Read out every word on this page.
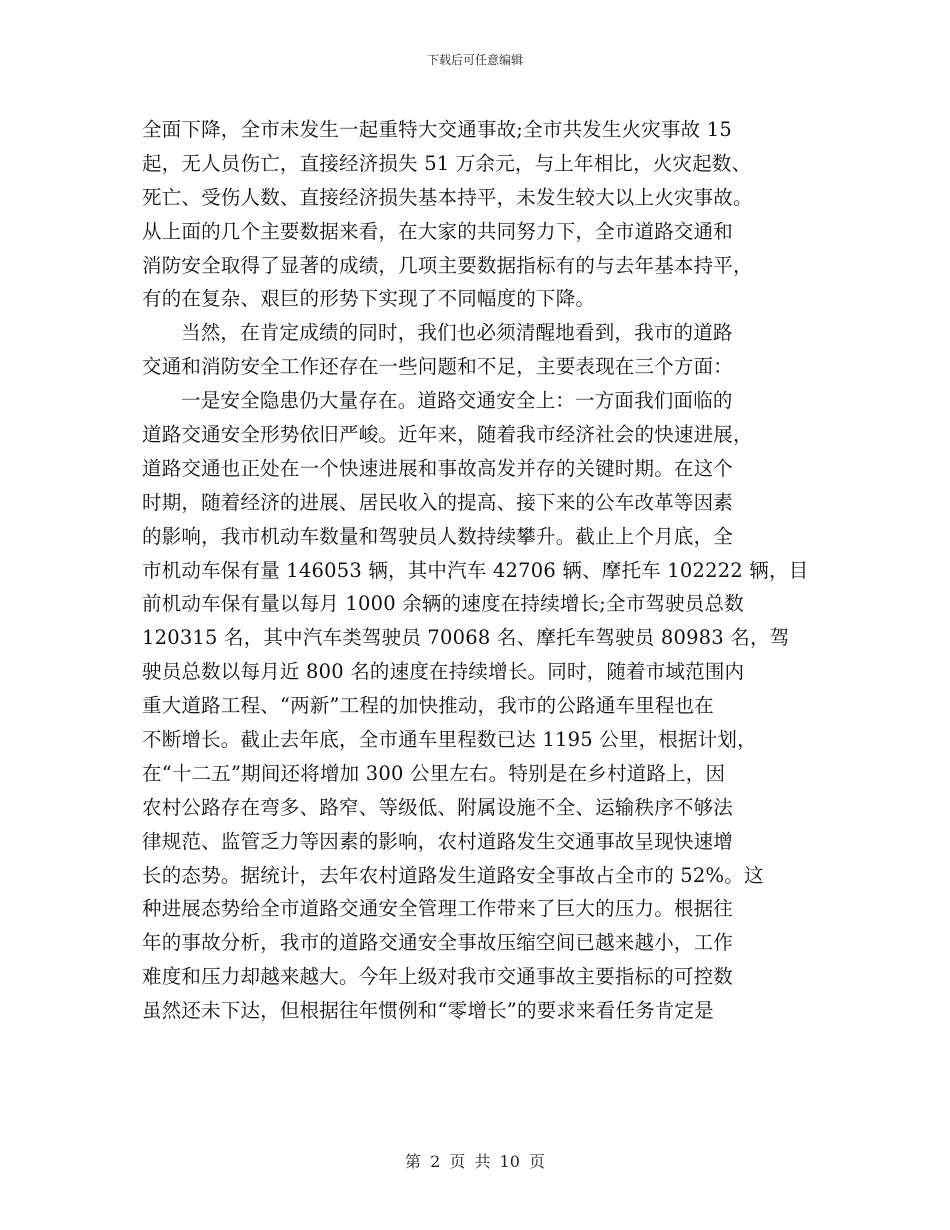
下载后可任意编辑
全面下降，全市未发生一起重特大交通事故;全市共发生火灾事故 15
起，无人员伤亡，直接经济损失 51 万余元，与上年相比，火灾起数、
死亡、受伤人数、直接经济损失基本持平，未发生较大以上火灾事故。
从上面的几个主要数据来看，在大家的共同努力下，全市道路交通和
消防安全取得了显著的成绩，几项主要数据指标有的与去年基本持平，
有的在复杂、艰巨的形势下实现了不同幅度的下降。
当然，在肯定成绩的同时，我们也必须清醒地看到，我市的道路
交通和消防安全工作还存在一些问题和不足，主要表现在三个方面：
一是安全隐患仍大量存在。道路交通安全上：一方面我们面临的
道路交通安全形势依旧严峻。近年来，随着我市经济社会的快速进展，
道路交通也正处在一个快速进展和事故高发并存的关键时期。在这个
时期，随着经济的进展、居民收入的提高、接下来的公车改革等因素
的影响，我市机动车数量和驾驶员人数持续攀升。截止上个月底，全
市机动车保有量 146053 辆，其中汽车 42706 辆、摩托车 102222 辆，目
前机动车保有量以每月 1000 余辆的速度在持续增长;全市驾驶员总数
120315 名，其中汽车类驾驶员 70068 名、摩托车驾驶员 80983 名，驾
驶员总数以每月近 800 名的速度在持续增长。同时，随着市域范围内
重大道路工程、“两新”工程的加快推动，我市的公路通车里程也在
不断增长。截止去年底，全市通车里程数已达 1195 公里，根据计划，
在“十二五”期间还将增加 300 公里左右。特别是在乡村道路上，因
农村公路存在弯多、路窄、等级低、附属设施不全、运输秩序不够法
律规范、监管乏力等因素的影响，农村道路发生交通事故呈现快速增
长的态势。据统计，去年农村道路发生道路安全事故占全市的 52%。这
种进展态势给全市道路交通安全管理工作带来了巨大的压力。根据往
年的事故分析，我市的道路交通安全事故压缩空间已越来越小，工作
难度和压力却越来越大。今年上级对我市交通事故主要指标的可控数
虽然还未下达，但根据往年惯例和“零增长”的要求来看任务肯定是
第 2 页 共 10 页
